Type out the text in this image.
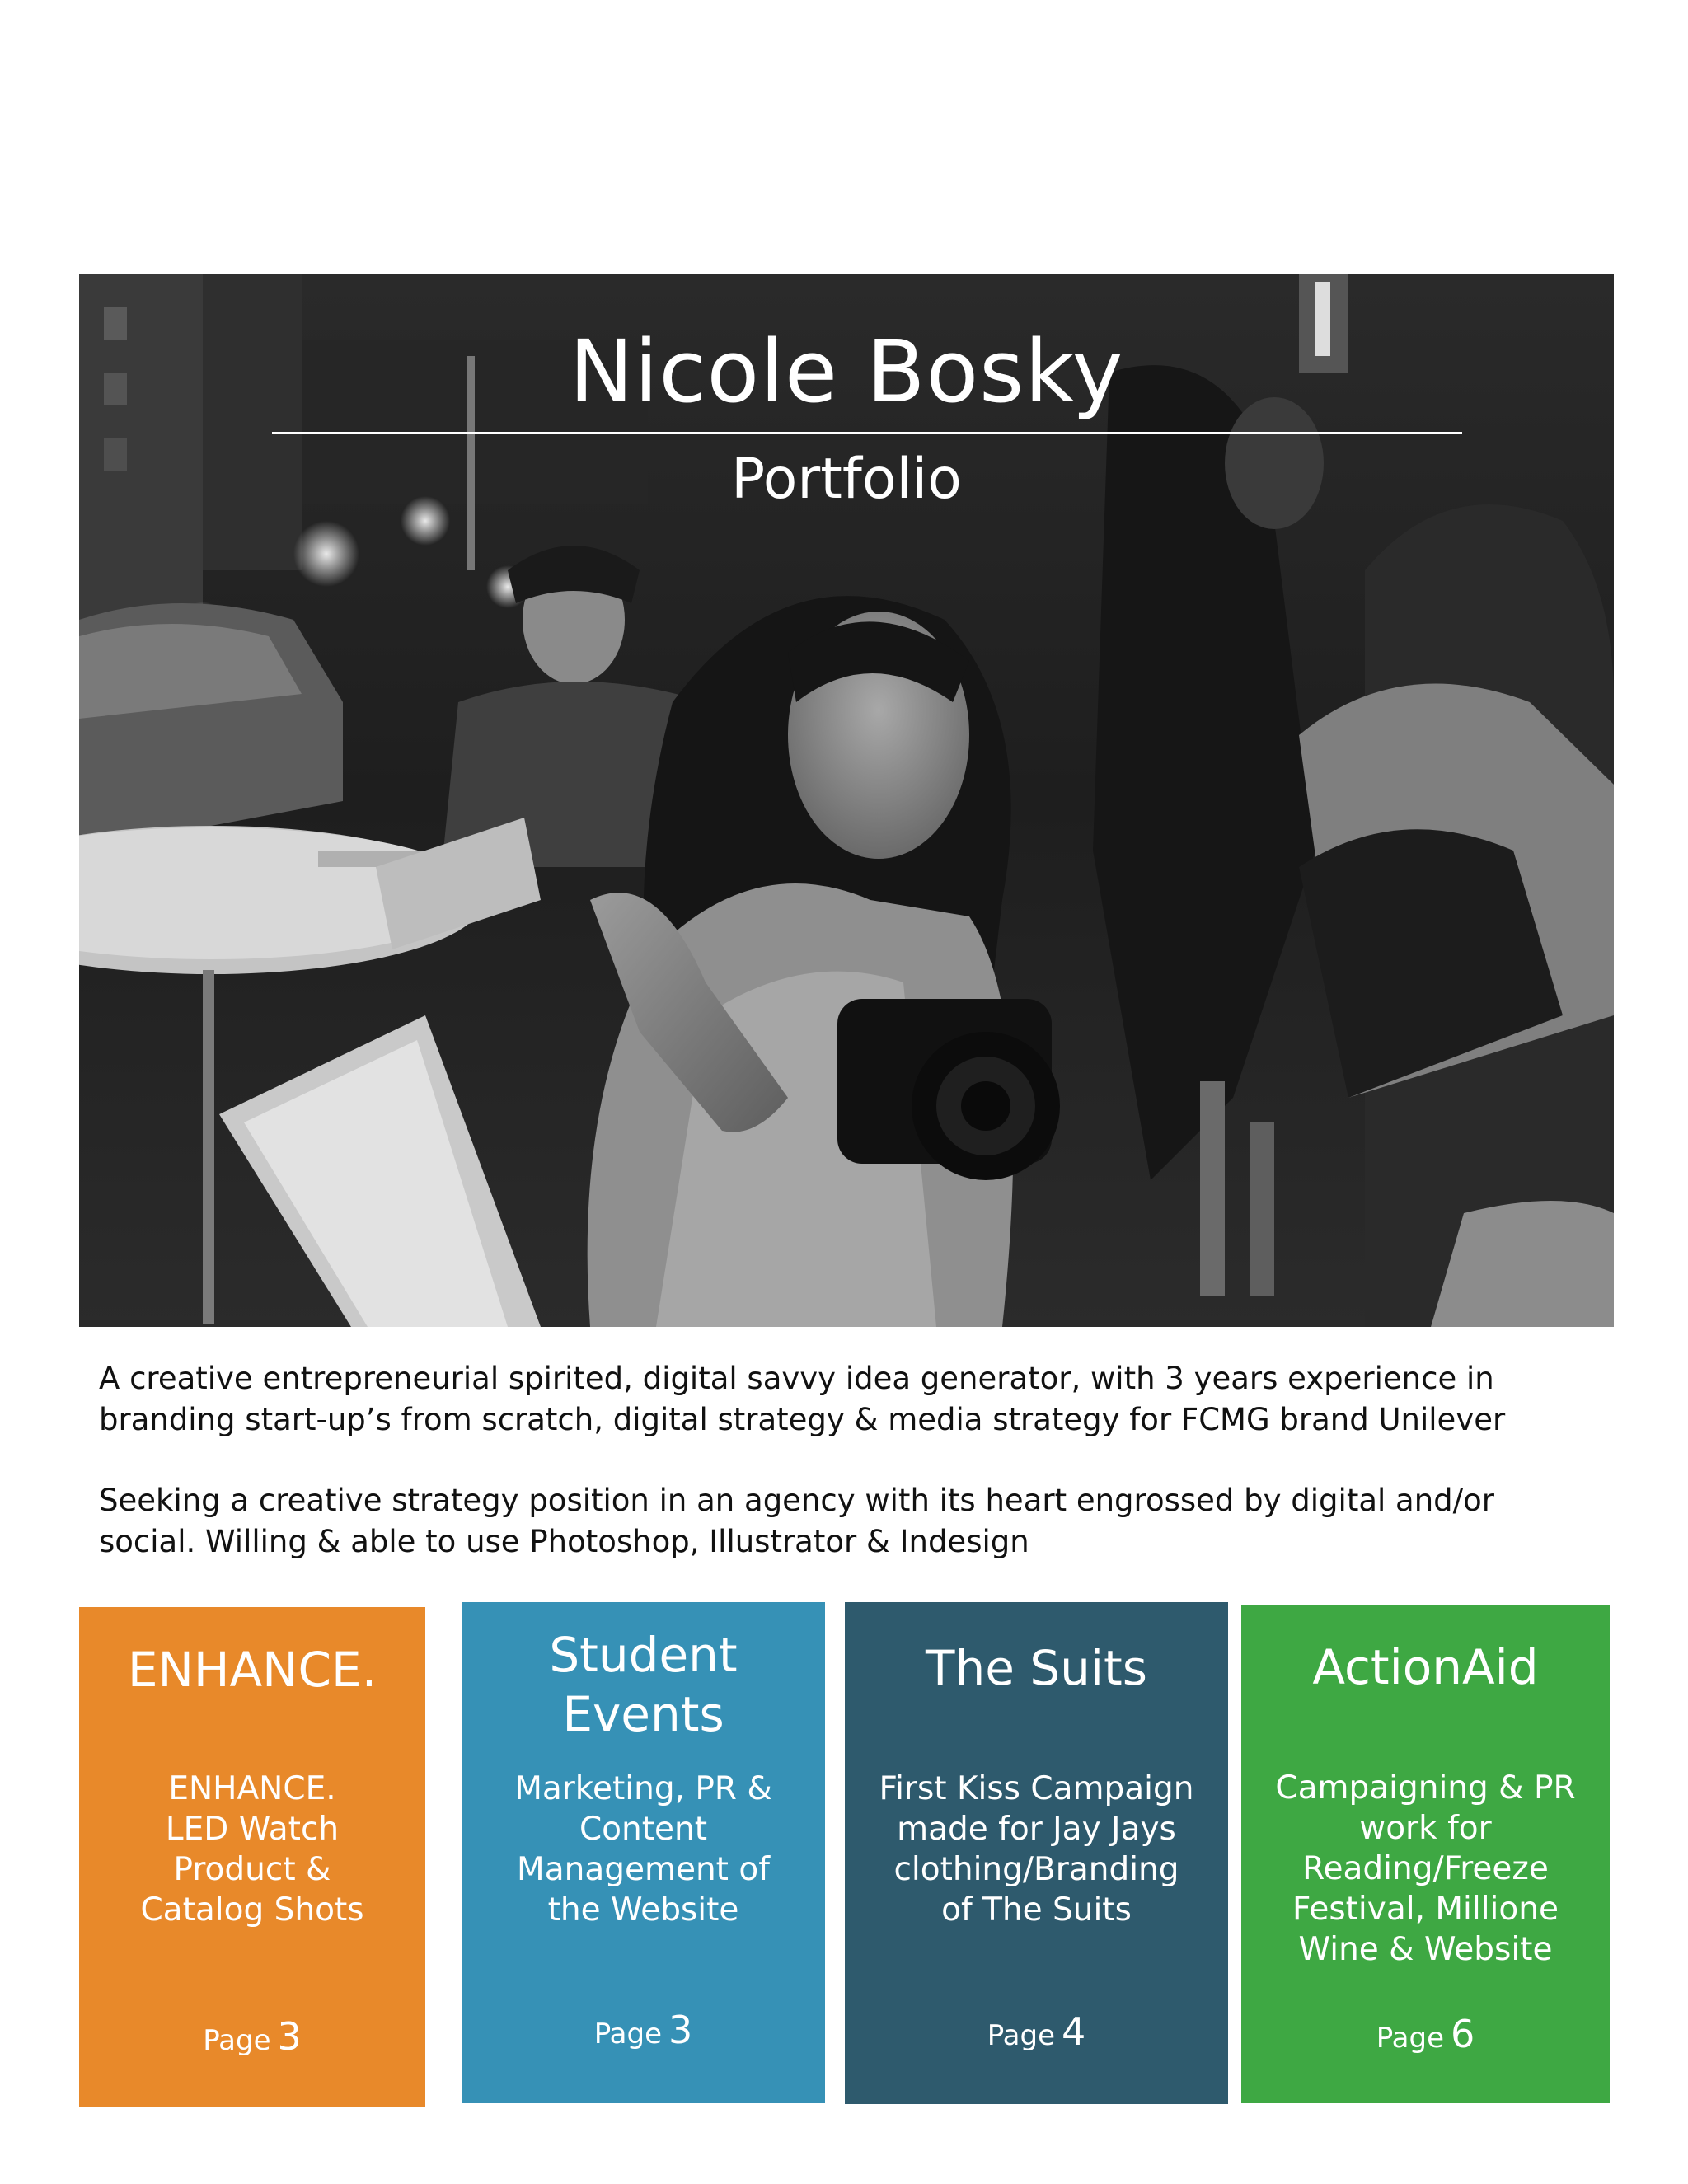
Nicole Bosky
Portfolio

A creative entrepreneurial spirited, digital savvy idea generator, with 3 years experience in branding start-up’s from scratch, digital strategy & media strategy for FCMG brand Unilever

Seeking a creative strategy position in an agency with its heart engrossed by digital and/or social. Willing & able to use Photoshop, Illustrator & Indesign

ENHANCE.
ENHANCE.
LED Watch
Product &
Catalog Shots
Page 3
Student
Events
Marketing, PR &
Content
Management of
the Website
Page 3
The Suits
First Kiss Campaign
made for Jay Jays
clothing/Branding
of The Suits
Page 4
ActionAid
Campaigning & PR
work for
Reading/Freeze
Festival, Millione
Wine & Website
Page 6
